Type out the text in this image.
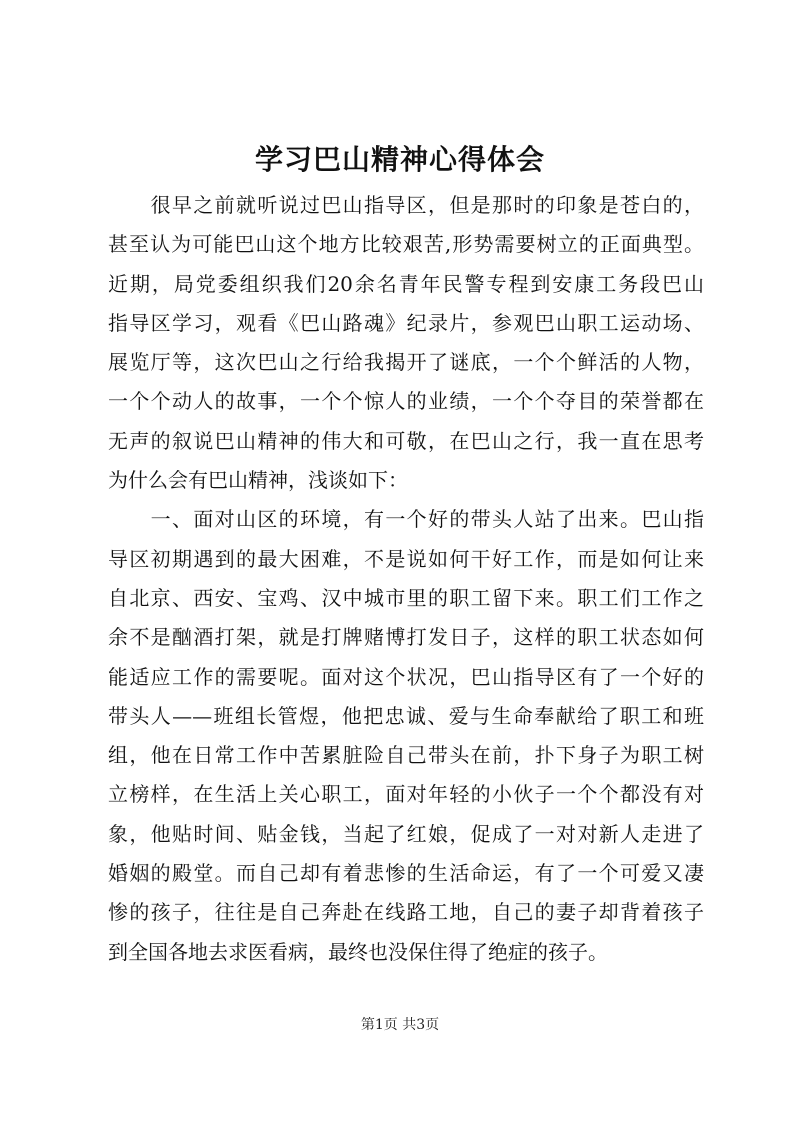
学习巴山精神心得体会
　　很早之前就听说过巴山指导区，但是那时的印象是苍白的，
甚至认为可能巴山这个地方比较艰苦,形势需要树立的正面典型。
近期，局党委组织我们20余名青年民警专程到安康工务段巴山
指导区学习，观看《巴山路魂》纪录片，参观巴山职工运动场、
展览厅等，这次巴山之行给我揭开了谜底，一个个鲜活的人物，
一个个动人的故事，一个个惊人的业绩，一个个夺目的荣誉都在
无声的叙说巴山精神的伟大和可敬，在巴山之行，我一直在思考
为什么会有巴山精神，浅谈如下：
　　一、面对山区的环境，有一个好的带头人站了出来。巴山指
导区初期遇到的最大困难，不是说如何干好工作，而是如何让来
自北京、西安、宝鸡、汉中城市里的职工留下来。职工们工作之
余不是酗酒打架，就是打牌赌博打发日子，这样的职工状态如何
能适应工作的需要呢。面对这个状况，巴山指导区有了一个好的
带头人——班组长管煜，他把忠诚、爱与生命奉献给了职工和班
组，他在日常工作中苦累脏险自己带头在前，扑下身子为职工树
立榜样，在生活上关心职工，面对年轻的小伙子一个个都没有对
象，他贴时间、贴金钱，当起了红娘，促成了一对对新人走进了
婚姻的殿堂。而自己却有着悲惨的生活命运，有了一个可爱又凄
惨的孩子，往往是自己奔赴在线路工地，自己的妻子却背着孩子
到全国各地去求医看病，最终也没保住得了绝症的孩子。
第1页 共3页
